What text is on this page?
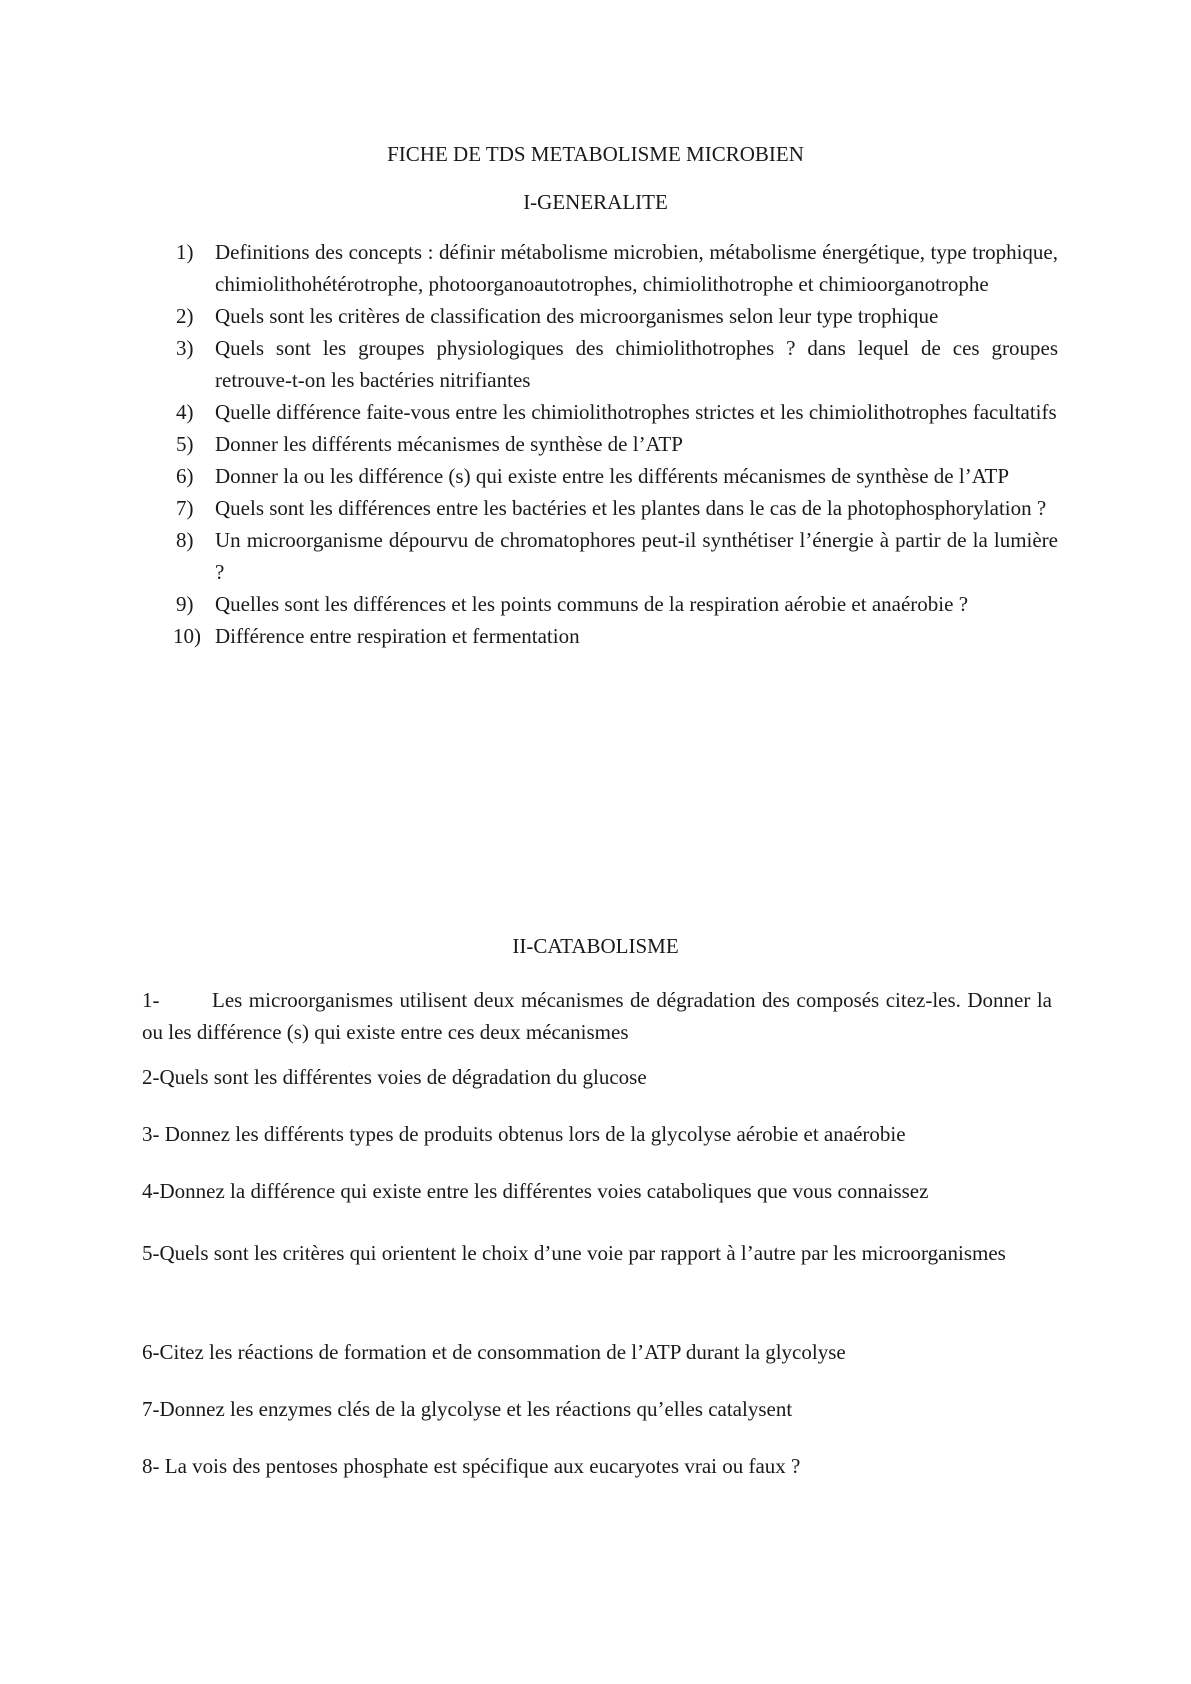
FICHE DE TDS METABOLISME MICROBIEN
I-GENERALITE
1)	Definitions des concepts : définir métabolisme microbien, métabolisme énergétique, type trophique, chimiolithohétérotrophe, photoorganoautotrophes, chimiolithotrophe et chimioorganotrophe
2)	Quels sont les critères de classification des microorganismes selon leur type trophique
3)	Quels sont les groupes physiologiques des chimiolithotrophes ? dans lequel de ces groupes retrouve-t-on les bactéries nitrifiantes
4)	Quelle différence faite-vous entre les chimiolithotrophes strictes et les chimiolithotrophes facultatifs
5)	Donner les différents mécanismes de synthèse de l’ATP
6)	Donner la ou les différence (s) qui existe entre les différents mécanismes de synthèse de l’ATP
7)	Quels sont les différences entre les bactéries et les plantes dans le cas de la photophosphorylation ?
8)	Un microorganisme dépourvu de chromatophores peut-il synthétiser l’énergie à partir de la lumière ?
9)	Quelles sont les différences et les points communs de la respiration aérobie et anaérobie ?
10) Différence entre respiration et fermentation
II-CATABOLISME
1-	Les microorganismes utilisent deux mécanismes de dégradation des composés citez-les. Donner la ou les différence (s) qui existe entre ces deux mécanismes
2-Quels sont les différentes voies de dégradation du glucose
3- Donnez les différents types de produits obtenus lors de la glycolyse aérobie et anaérobie
4-Donnez la différence qui existe entre les différentes voies cataboliques que vous connaissez
5-Quels sont les critères qui orientent le choix d’une voie par rapport à l’autre par les microorganismes
6-Citez les réactions de formation et de consommation de l’ATP durant la glycolyse
7-Donnez les enzymes clés de la glycolyse et les réactions qu’elles catalysent
8- La vois des pentoses phosphate est spécifique aux eucaryotes vrai ou faux ?
